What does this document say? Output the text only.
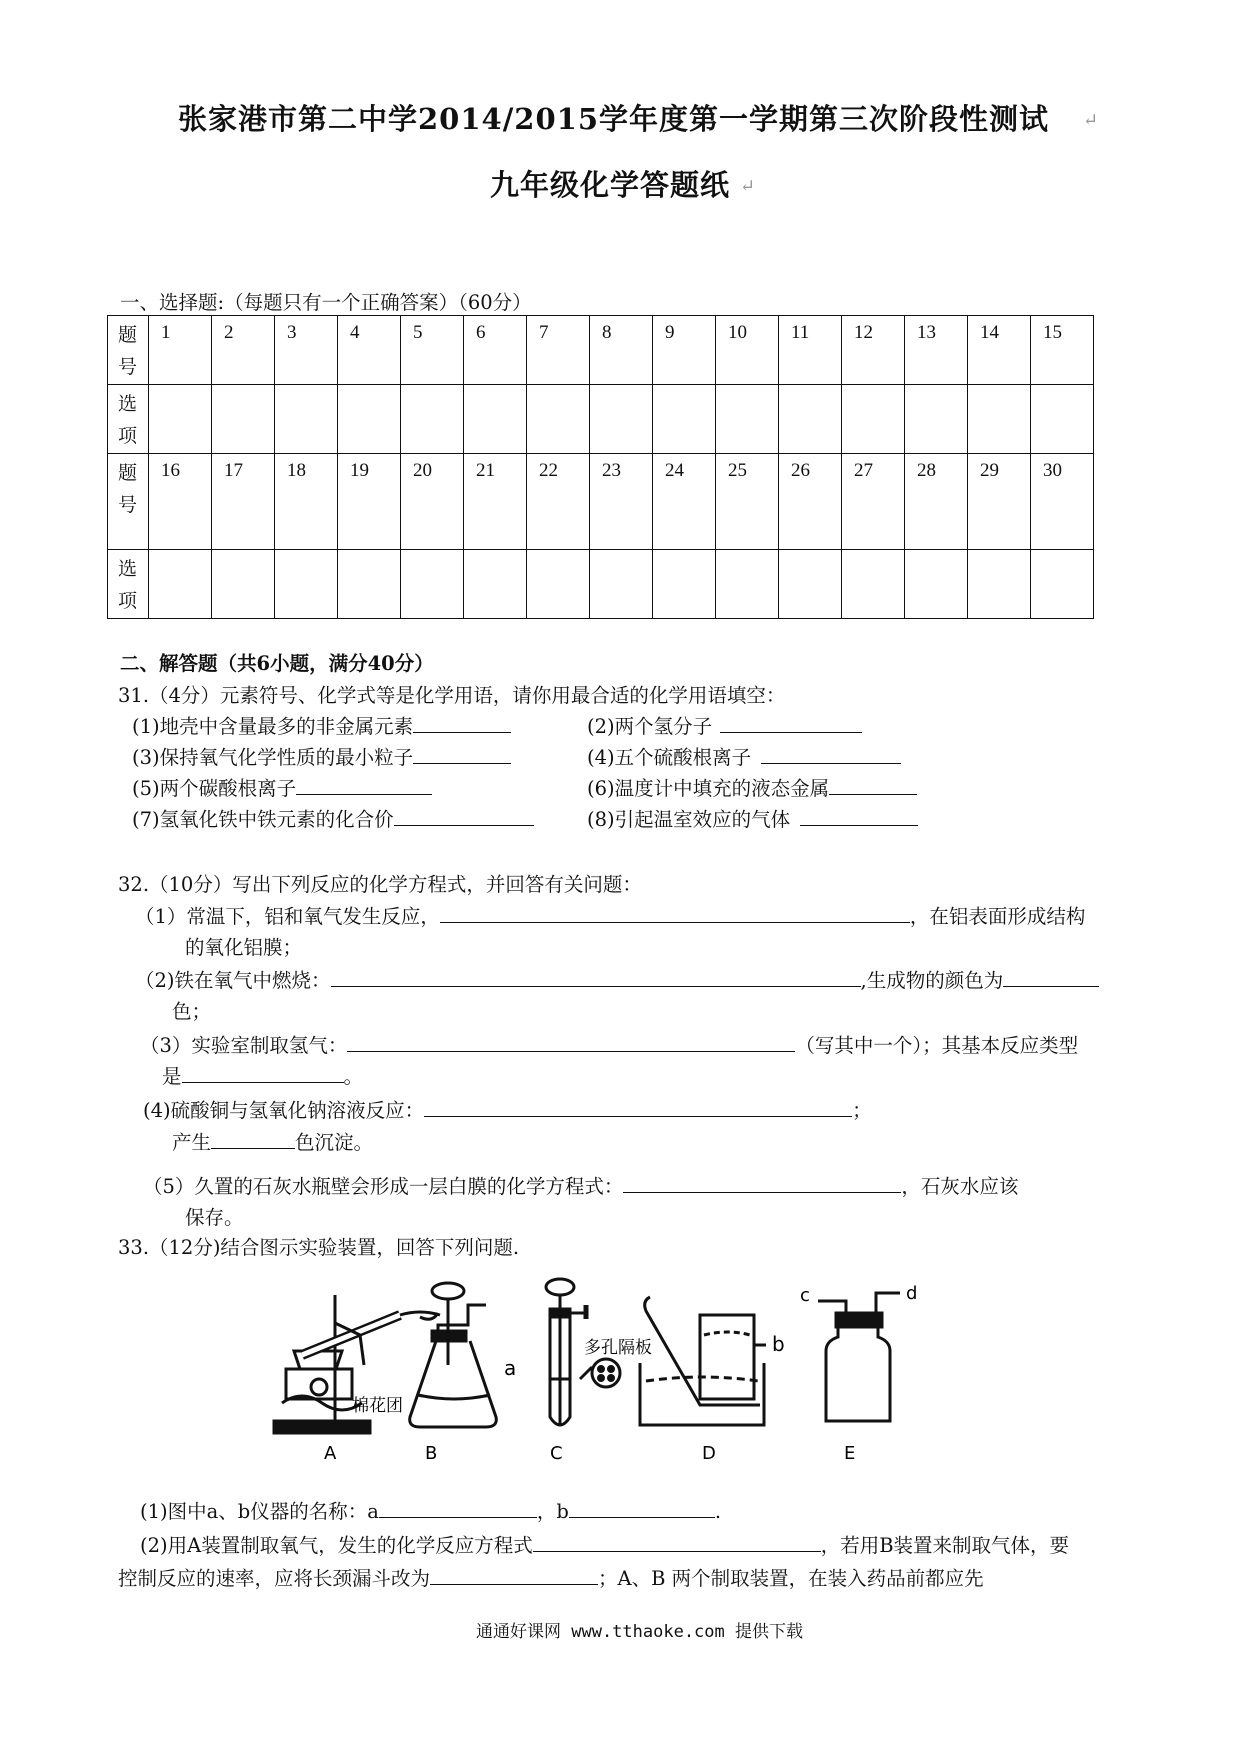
张家港市第二中学2014/2015学年度第一学期第三次阶段性测试 ↵
九年级化学答题纸 ↵
一、选择题:（每题只有一个正确答案）（60分）
题号	1	2	3	4	5	6	7	8	9	10	11	12	13	14	15
选项															
题号	16	17	18	19	20	21	22	23	24	25	26	27	28	29	30
选项															
二、解答题（共6小题，满分40分）
31.（4分）元素符号、化学式等是化学用语，请你用最合适的化学用语填空：
(1)地壳中含量最多的非金属元素	(2)两个氢分子
(3)保持氧气化学性质的最小粒子	(4)五个硫酸根离子
(5)两个碳酸根离子	(6)温度计中填充的液态金属
(7)氢氧化铁中铁元素的化合价	(8)引起温室效应的气体
32.（10分）写出下列反应的化学方程式，并回答有关问题：
（1）常温下，铝和氧气发生反应，	，在铝表面形成结构
的氧化铝膜；
（2)铁在氧气中燃烧：	,生成物的颜色为
色；
（3）实验室制取氢气：	（写其中一个）；其基本反应类型
是	。
(4)硫酸铜与氢氧化钠溶液反应：	；
产生	色沉淀。
（5）久置的石灰水瓶壁会形成一层白膜的化学方程式：	，石灰水应该
保存。
33.（12分)结合图示实验装置，回答下列问题.
A	B	C	D	E
棉花团
多孔隔板
a
b
c	d
(1)图中a、b仪器的名称：a	，b	.
(2)用A装置制取氧气，发生的化学反应方程式	，若用B装置来制取气体，要
控制反应的速率，应将长颈漏斗改为	；A、B 两个制取装置，在装入药品前都应先
通通好课网 www.tthaoke.com 提供下载
